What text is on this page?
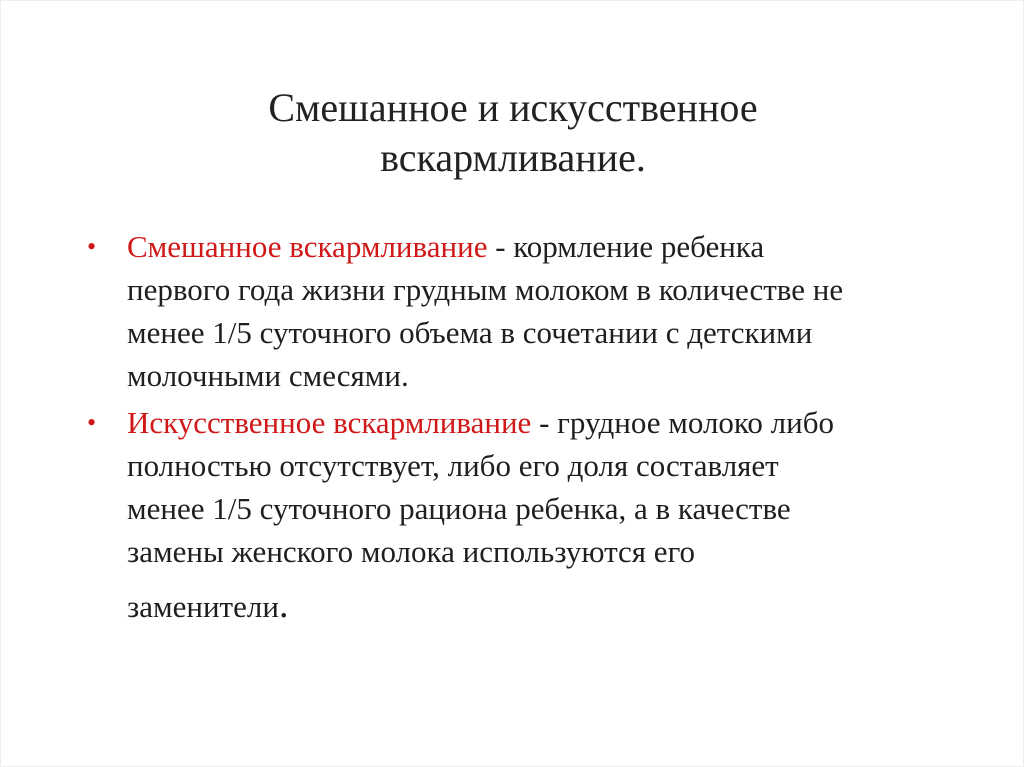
Смешанное и искусственное
вскармливание.
• Смешанное вскармливание - кормление ребенка
первого года жизни грудным молоком в количестве не
менее 1/5 суточного объема в сочетании с детскими
молочными смесями.
• Искусственное вскармливание - грудное молоко либо
полностью отсутствует, либо его доля составляет
менее 1/5 суточного рациона ребенка, а в качестве
замены женского молока используются его
заменители.
